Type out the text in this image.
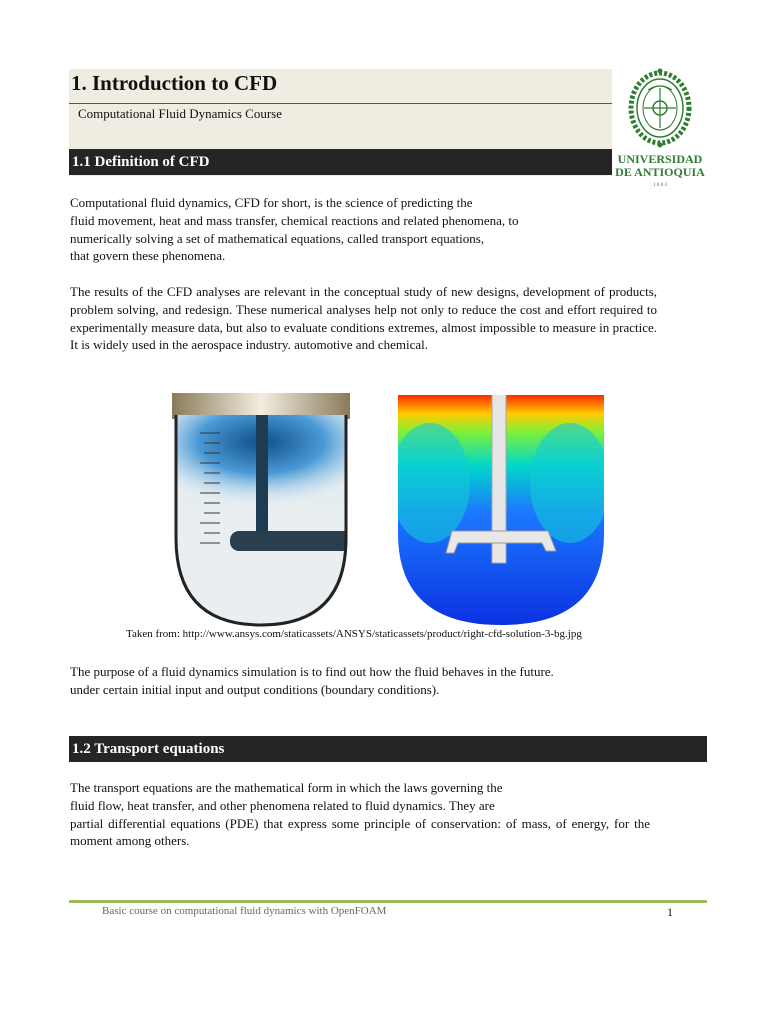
1. Introduction to CFD
Computational Fluid Dynamics Course
UNIVERSIDAD
DE ANTIOQUIA
1 8 0 3
1.1 Definition of CFD

Computational fluid dynamics, CFD for short, is the science of predicting the
fluid movement, heat and mass transfer, chemical reactions and related phenomena, to
numerically solving a set of mathematical equations, called transport equations,
that govern these phenomena.

The results of the CFD analyses are relevant in the conceptual study of new designs, development of products, problem solving, and redesign. These numerical analyses help not only to reduce the cost and effort required to experimentally measure data, but also to evaluate conditions extremes, almost impossible to measure in practice. It is widely used in the aerospace industry. automotive and chemical.

Taken from: http://www.ansys.com/staticassets/ANSYS/staticassets/product/right-cfd-solution-3-bg.jpg

The purpose of a fluid dynamics simulation is to find out how the fluid behaves in the future.
under certain initial input and output conditions (boundary conditions).

1.2 Transport equations

The transport equations are the mathematical form in which the laws governing the
fluid flow, heat transfer, and other phenomena related to fluid dynamics. They are

partial differential equations (PDE) that express some principle of conservation: of mass, of energy, for the moment among others.

Basic course on computational fluid dynamics with OpenFOAM	1
